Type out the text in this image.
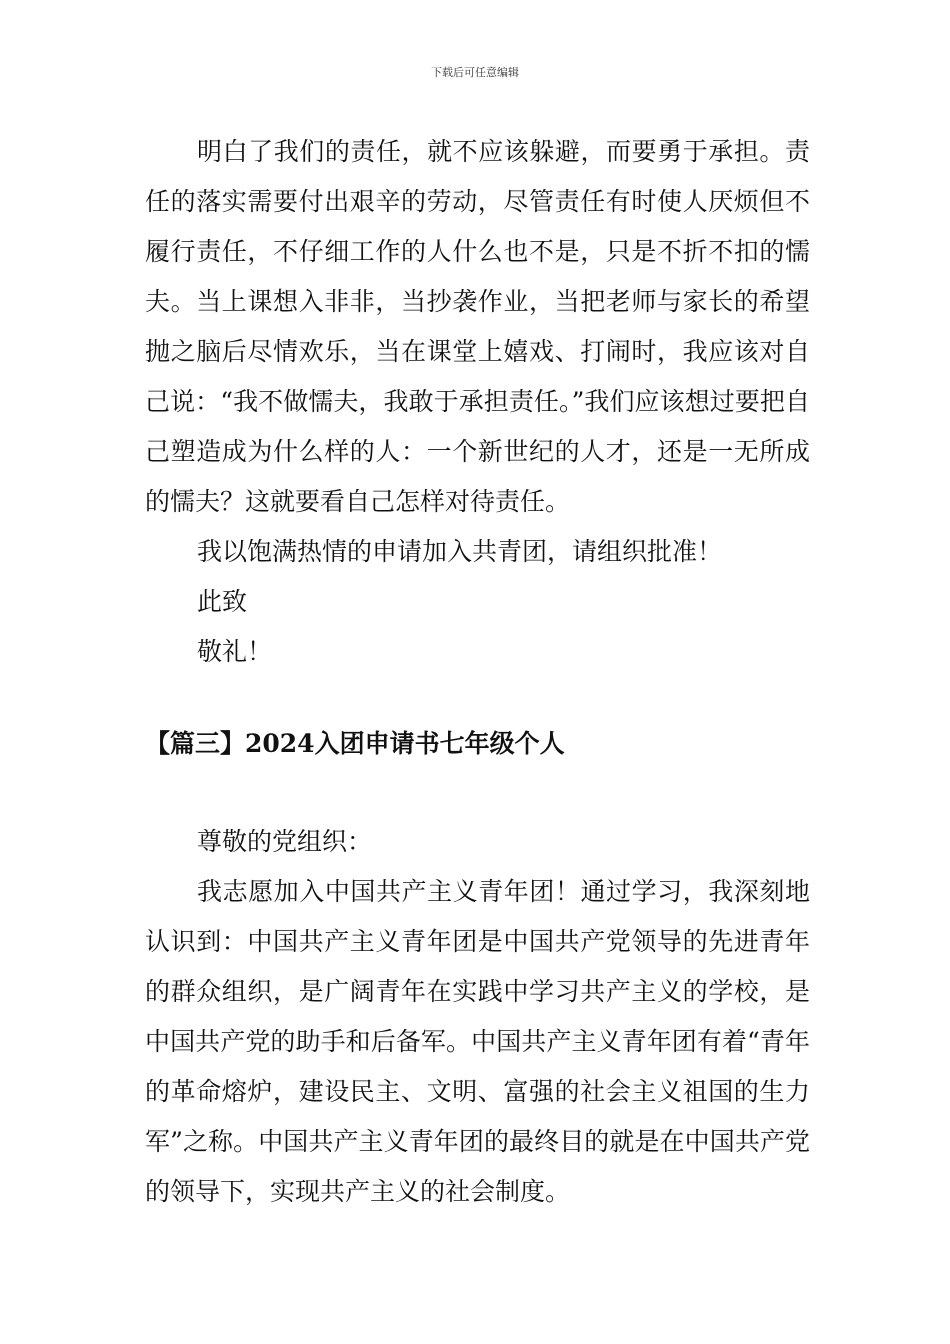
下载后可任意编辑

明白了我们的责任，就不应该躲避，而要勇于承担。责任的落实需要付出艰辛的劳动，尽管责任有时使人厌烦但不履行责任，不仔细工作的人什么也不是，只是不折不扣的懦夫。当上课想入非非，当抄袭作业，当把老师与家长的希望抛之脑后尽情欢乐，当在课堂上嬉戏、打闹时，我应该对自己说：“我不做懦夫，我敢于承担责任。”我们应该想过要把自己塑造成为什么样的人：一个新世纪的人才，还是一无所成的懦夫？这就要看自己怎样对待责任。

我以饱满热情的申请加入共青团，请组织批准！

此致

敬礼！

【篇三】2024入团申请书七年级个人

尊敬的党组织：

我志愿加入中国共产主义青年团！通过学习，我深刻地认识到：中国共产主义青年团是中国共产党领导的先进青年的群众组织，是广阔青年在实践中学习共产主义的学校，是中国共产党的助手和后备军。中国共产主义青年团有着“青年的革命熔炉，建设民主、文明、富强的社会主义祖国的生力军”之称。中国共产主义青年团的最终目的就是在中国共产党的领导下，实现共产主义的社会制度。
